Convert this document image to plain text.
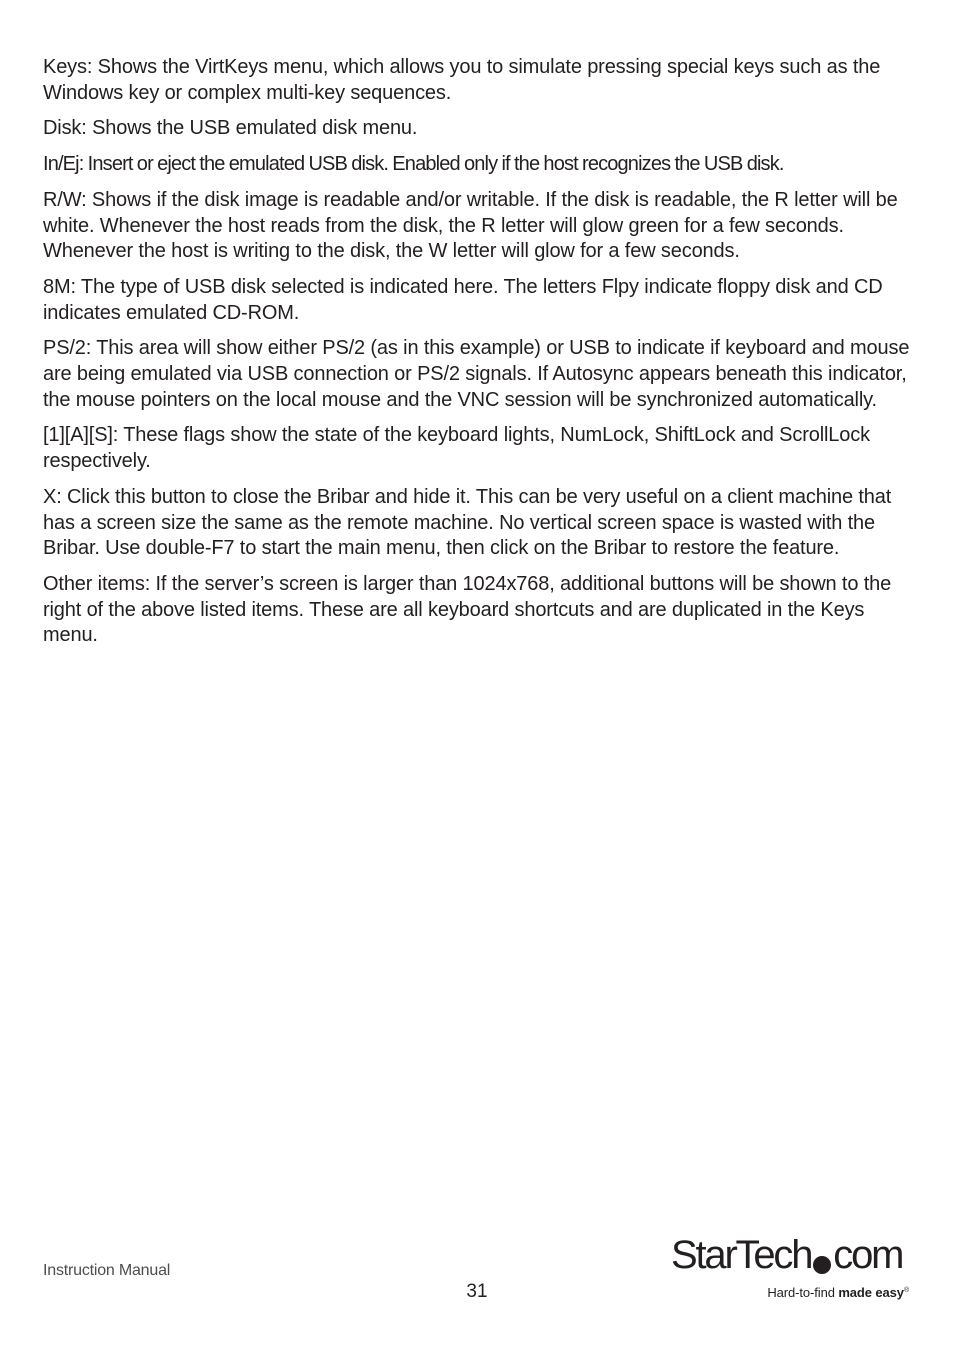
Keys: Shows the VirtKeys menu, which allows you to simulate pressing special keys such as the Windows key or complex multi-key sequences.

Disk: Shows the USB emulated disk menu.

In/Ej: Insert or eject the emulated USB disk. Enabled only if the host recognizes the USB disk.

R/W: Shows if the disk image is readable and/or writable. If the disk is readable, the R letter will be white. Whenever the host reads from the disk, the R letter will glow green for a few seconds. Whenever the host is writing to the disk, the W letter will glow for a few seconds.

8M: The type of USB disk selected is indicated here. The letters Flpy indicate floppy disk and CD indicates emulated CD-ROM.

PS/2: This area will show either PS/2 (as in this example) or USB to indicate if keyboard and mouse are being emulated via USB connection or PS/2 signals. If Autosync appears beneath this indicator, the mouse pointers on the local mouse and the VNC session will be synchronized automatically.

[1][A][S]: These flags show the state of the keyboard lights, NumLock, ShiftLock and ScrollLock respectively.

X: Click this button to close the Bribar and hide it. This can be very useful on a client machine that has a screen size the same as the remote machine. No vertical screen space is wasted with the Bribar. Use double-F7 to start the main menu, then click on the Bribar to restore the feature.

Other items: If the server’s screen is larger than 1024x768, additional buttons will be shown to the right of the above listed items. These are all keyboard shortcuts and are duplicated in the Keys menu.

Instruction Manual
31
StarTech com
Hard-to-find made easy®
